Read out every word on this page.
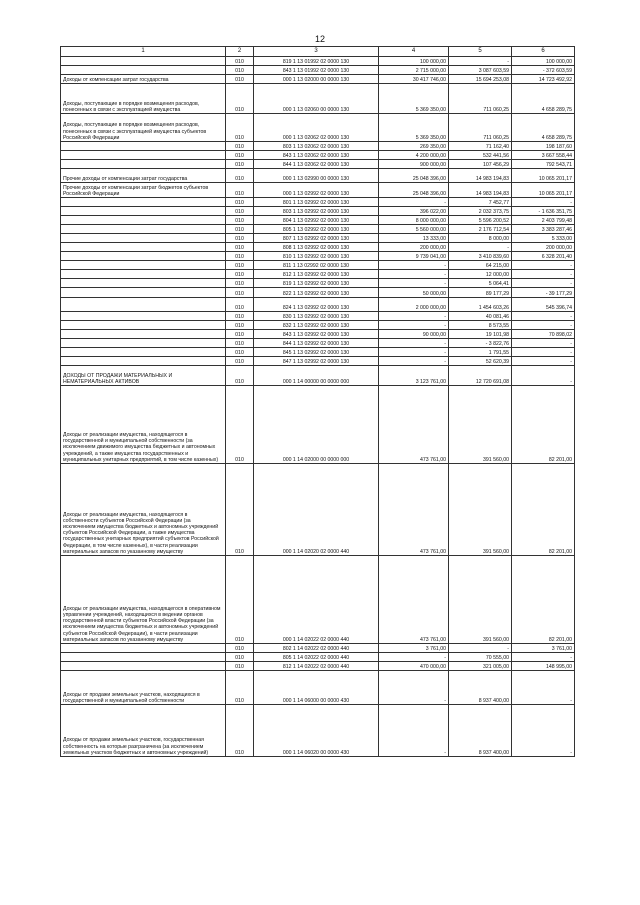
12
1	2	3	4	5	6
	010	819 1 13 01992 02 0000 130	100 000,00	-	100 000,00
	010	843 1 13 01992 02 0000 130	2 715 000,00	3 087 603,59	- 372 603,59
Доходы от компенсации затрат государства	010	000 1 13 02000 00 0000 130	30 417 746,00	15 694 253,08	14 723 492,92
Доходы, поступающие в порядке возмещения расходов, понесенных в связи с эксплуатацией имущества	010	000 1 13 02060 00 0000 130	5 369 350,00	711 060,25	4 658 289,75
Доходы, поступающие в порядке возмещения расходов, понесенных в связи с эксплуатацией имущества субъектов Российской Федерации	010	000 1 13 02062 02 0000 130	5 369 350,00	711 060,25	4 658 289,75
	010	803 1 13 02062 02 0000 130	269 350,00	71 162,40	198 187,60
	010	843 1 13 02062 02 0000 130	4 200 000,00	532 441,56	3 667 558,44
	010	844 1 13 02062 02 0000 130	900 000,00	107 456,29	792 543,71
Прочие доходы от компенсации затрат государства	010	000 1 13 02990 00 0000 130	25 048 396,00	14 983 194,83	10 065 201,17
Прочие доходы от компенсации затрат бюджетов субъектов Российской Федерации	010	000 1 13 02992 02 0000 130	25 048 396,00	14 983 194,83	10 065 201,17
	010	801 1 13 02992 02 0000 130	-	7 452,77	-
	010	803 1 13 02992 02 0000 130	396 022,00	2 032 373,75	- 1 636 351,75
	010	804 1 13 02992 02 0000 130	8 000 000,00	5 596 200,52	2 403 799,48
	010	805 1 13 02992 02 0000 130	5 560 000,00	2 176 712,54	3 383 287,46
	010	807 1 13 02992 02 0000 130	13 333,00	8 000,00	5 333,00
	010	808 1 13 02992 02 0000 130	200 000,00	-	200 000,00
	010	810 1 13 02992 02 0000 130	9 739 041,00	3 410 839,60	6 328 201,40
	010	811 1 13 02992 02 0000 130	-	64 215,00	-
	010	812 1 13 02992 02 0000 130	-	12 000,00	-
	010	819 1 13 02992 02 0000 130	-	5 064,41	-
	010	822 1 13 02992 02 0000 130	50 000,00	89 177,29	- 39 177,29
	010	824 1 13 02992 02 0000 130	2 000 000,00	1 454 603,26	545 396,74
	010	830 1 13 02992 02 0000 130	-	40 081,46	-
	010	832 1 13 02992 02 0000 130	-	8 573,55	-
	010	843 1 13 02992 02 0000 130	90 000,00	19 101,98	70 898,02
	010	844 1 13 02992 02 0000 130	-	- 3 822,76	-
	010	845 1 13 02992 02 0000 130	-	1 791,55	-
	010	847 1 13 02992 02 0000 130	-	52 620,39	-
ДОХОДЫ ОТ ПРОДАЖИ МАТЕРИАЛЬНЫХ И НЕМАТЕРИАЛЬНЫХ АКТИВОВ	010	000 1 14 00000 00 0000 000	3 123 761,00	12 720 691,08	-
Доходы от реализации имущества, находящегося в государственной и муниципальной собственности (за исключением движимого имущества бюджетных и автономных учреждений, а также имущества государственных и муниципальных унитарных предприятий, в том числе казенных)	010	000 1 14 02000 00 0000 000	473 761,00	391 560,00	82 201,00
Доходы от реализации имущества, находящегося в собственности субъектов Российской Федерации (за исключением имущества бюджетных и автономных учреждений субъектов Российской Федерации, а также имущества государственных унитарных предприятий субъектов Российской Федерации, в том числе казенных), в части реализации материальных запасов по указанному имуществу	010	000 1 14 02020 02 0000 440	473 761,00	391 560,00	82 201,00
Доходы от реализации имущества, находящегося в оперативном управлении учреждений, находящихся в ведении органов государственной власти субъектов Российской Федерации (за исключением имущества бюджетных и автономных учреждений субъектов Российской Федерации), в части реализации материальных запасов по указанному имуществу	010	000 1 14 02022 02 0000 440	473 761,00	391 560,00	82 201,00
	010	802 1 14 02022 02 0000 440	3 761,00	-	3 761,00
	010	805 1 14 02022 02 0000 440	-	70 555,00	-
	010	812 1 14 02022 02 0000 440	470 000,00	321 005,00	148 995,00
Доходы от продажи земельных участков, находящихся в государственной и муниципальной собственности	010	000 1 14 06000 00 0000 430	-	8 937 400,00	-
Доходы от продажи земельных участков, государственная собственность на которые разграничена (за исключением земельных участков бюджетных и автономных учреждений)	010	000 1 14 06020 00 0000 430	-	8 937 400,00	-
